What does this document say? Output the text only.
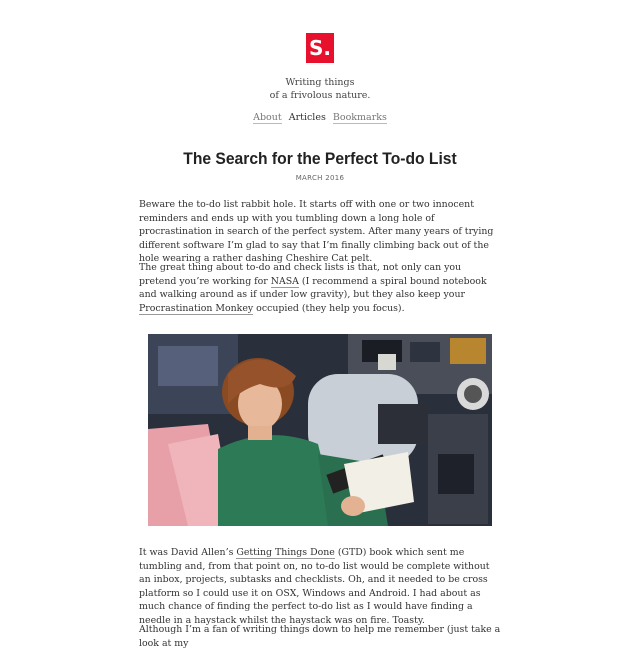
S.
Writing things
of a frivolous nature.
About Articles Bookmarks
The Search for the Perfect To-do List
MARCH 2016

Beware the to-do list rabbit hole. It starts off with one or two innocent reminders and ends up with you tumbling down a long hole of procrastination in search of the perfect system. After many years of trying different software I’m glad to say that I’m finally climbing back out of the hole wearing a rather dashing Cheshire Cat pelt.

The great thing about to-do and check lists is that, not only can you pretend you’re working for NASA (I recommend a spiral bound notebook and walking around as if under low gravity), but they also keep your Procrastination Monkey occupied (they help you focus).

It was David Allen’s Getting Things Done (GTD) book which sent me tumbling and, from that point on, no to-do list would be complete without an inbox, projects, subtasks and checklists. Oh, and it needed to be cross platform so I could use it on OSX, Windows and Android. I had about as much chance of finding the perfect to-do list as I would have finding a needle in a haystack whilst the haystack was on fire. Toasty.

Although I’m a fan of writing things down to help me remember (just take a look at my
